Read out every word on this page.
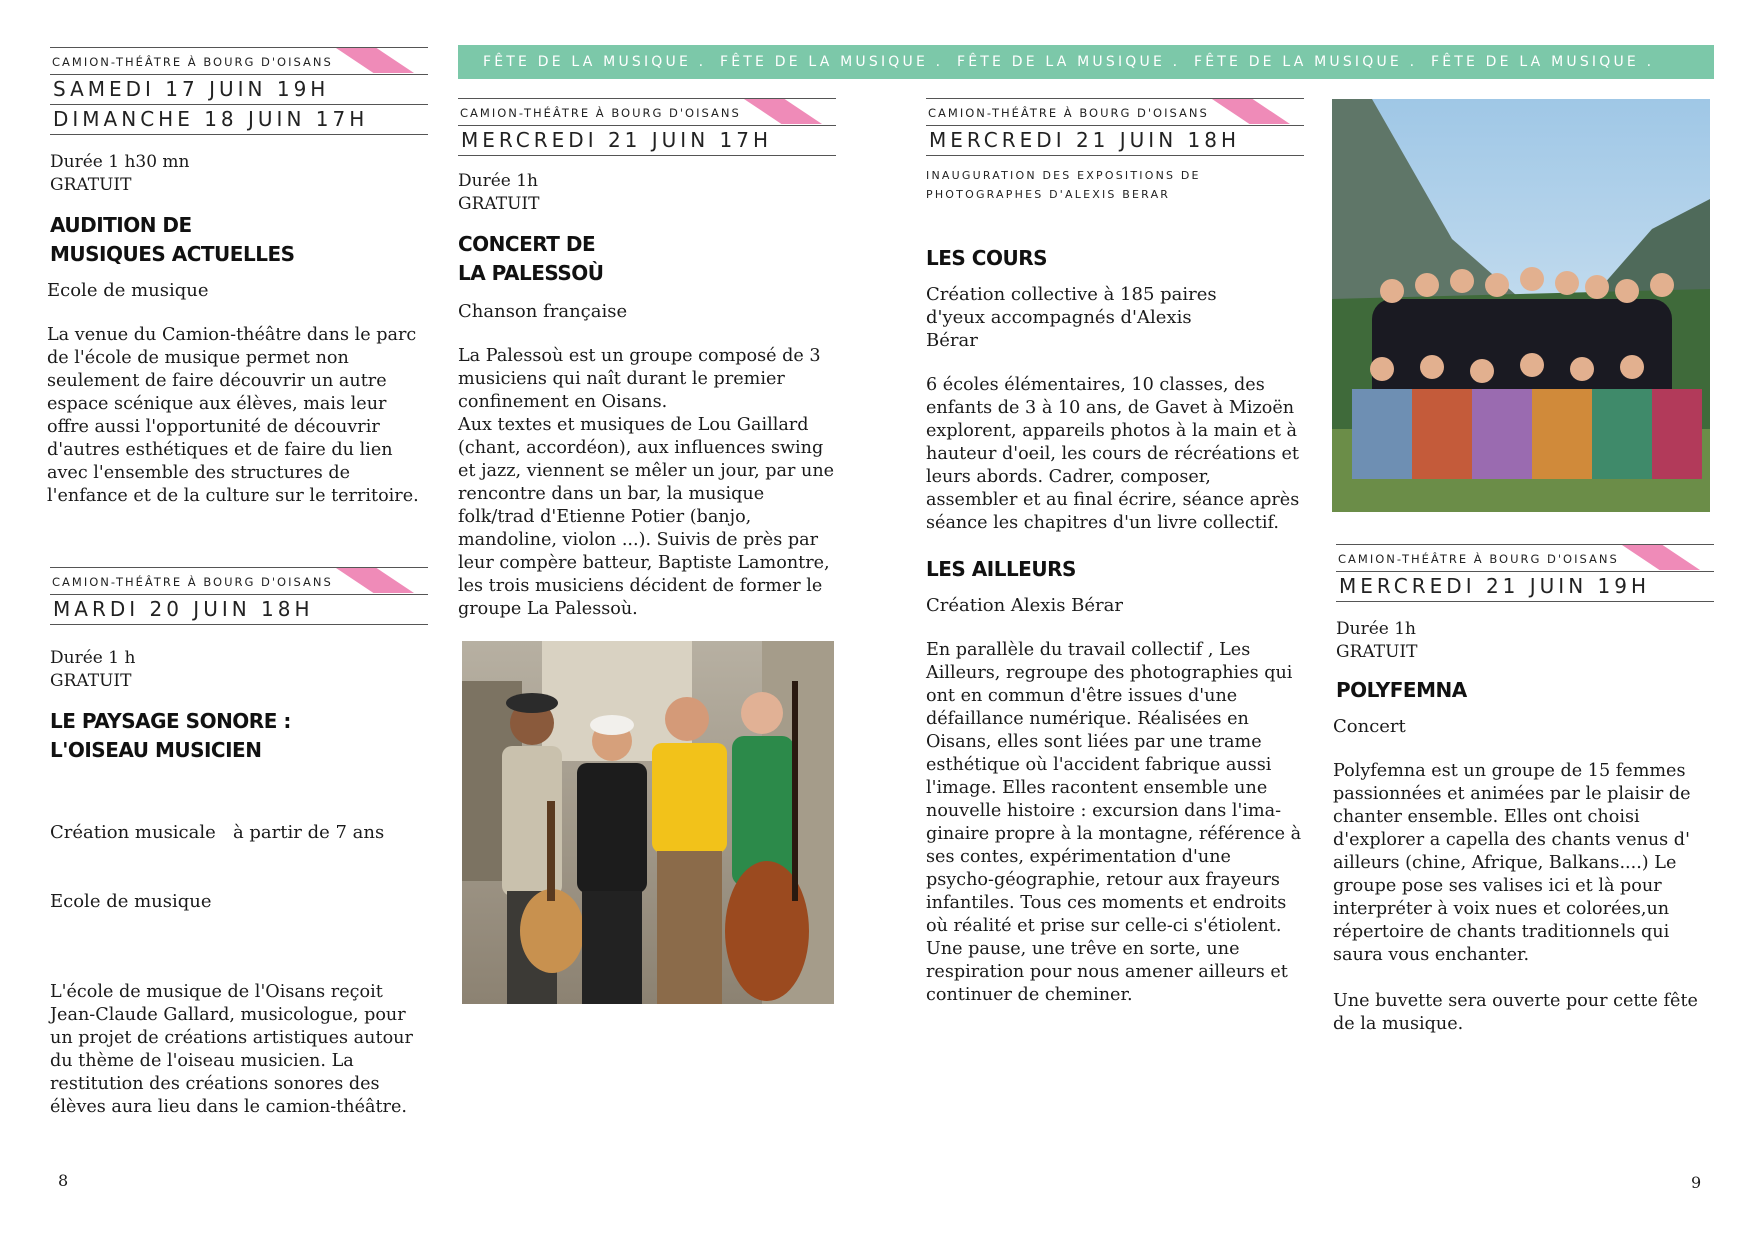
FÊTE DE LA MUSIQUE . FÊTE DE LA MUSIQUE . FÊTE DE LA MUSIQUE . FÊTE DE LA MUSIQUE . FÊTE DE LA MUSIQUE .
CAMION-THÉÂTRE À BOURG D'OISANS
SAMEDI 17 JUIN 19H
DIMANCHE 18 JUIN 17H
Durée 1 h30 mn
GRATUIT
AUDITION DE
MUSIQUES ACTUELLES
Ecole de musique

La venue du Camion-théâtre dans le parc de l'école de musique permet non seulement de faire découvrir un autre espace scénique aux élèves, mais leur offre aussi l'opportunité de découvrir d'autres esthétiques et de faire du lien avec l'ensemble des structures de l'enfance et de la culture sur le territoire.

CAMION-THÉÂTRE À BOURG D'OISANS
MARDI 20 JUIN 18H
Durée 1 h
GRATUIT
LE PAYSAGE SONORE :
L'OISEAU MUSICIEN

Création musicale   à partir de 7 ans

Ecole de musique

L'école de musique de l'Oisans reçoit Jean-Claude Gallard, musicologue, pour un projet de créations artistiques autour du thème de l'oiseau musicien. La restitution des créations sonores des élèves aura lieu dans le camion-théâtre.

CAMION-THÉÂTRE À BOURG D'OISANS
MERCREDI 21 JUIN 17H
Durée 1h
GRATUIT
CONCERT DE
LA PALESSOÙ
Chanson française

La Palessoù est un groupe composé de 3 musiciens qui naît durant le premier confinement en Oisans.

Aux textes et musiques de Lou Gaillard (chant, accordéon), aux influences swing et jazz, viennent se mêler un jour, par une rencontre dans un bar, la musique folk/trad d'Etienne Potier (banjo, mandoline, violon ...). Suivis de près par leur compère batteur, Baptiste Lamontre, les trois musiciens décident de former le groupe La Palessoù.

CAMION-THÉÂTRE À BOURG D'OISANS
MERCREDI 21 JUIN 18H
INAUGURATION DES EXPOSITIONS DE PHOTOGRAPHES D'ALEXIS BERAR
LES COURS
Création collective à 185 paires d'yeux accompagnés d'Alexis Bérar

6 écoles élémentaires, 10 classes, des enfants de 3 à 10 ans, de Gavet à Mizoën explorent, appareils photos à la main et à hauteur d'oeil, les cours de récréations et leurs abords. Cadrer, composer, assembler et au final écrire, séance après séance les chapitres d'un livre collectif.

LES AILLEURS
Création Alexis Bérar

En parallèle du travail collectif , Les Ailleurs, regroupe des photographies qui ont en commun d'être issues d'une défaillance numérique. Réalisées en Oisans, elles sont liées par une trame esthétique où l'accident fabrique aussi l'image. Elles racontent ensemble une nouvelle histoire : excursion dans l'ima-ginaire propre à la montagne, référence à ses contes, expérimentation d'une psycho-géographie, retour aux frayeurs infantiles. Tous ces moments et endroits où réalité et prise sur celle-ci s'étiolent. Une pause, une trêve en sorte, une respiration pour nous amener ailleurs et continuer de cheminer.

CAMION-THÉÂTRE À BOURG D'OISANS
MERCREDI 21 JUIN 19H
Durée 1h
GRATUIT
POLYFEMNA
Concert

Polyfemna est un groupe de 15 femmes passionnées et animées par le plaisir de chanter ensemble. Elles ont choisi d'explorer a capella des chants venus d' ailleurs (chine, Afrique, Balkans....) Le groupe pose ses valises ici et là pour interpréter à voix nues et colorées,un répertoire de chants traditionnels qui saura vous enchanter.

Une buvette sera ouverte pour cette fête de la musique.

8	9
